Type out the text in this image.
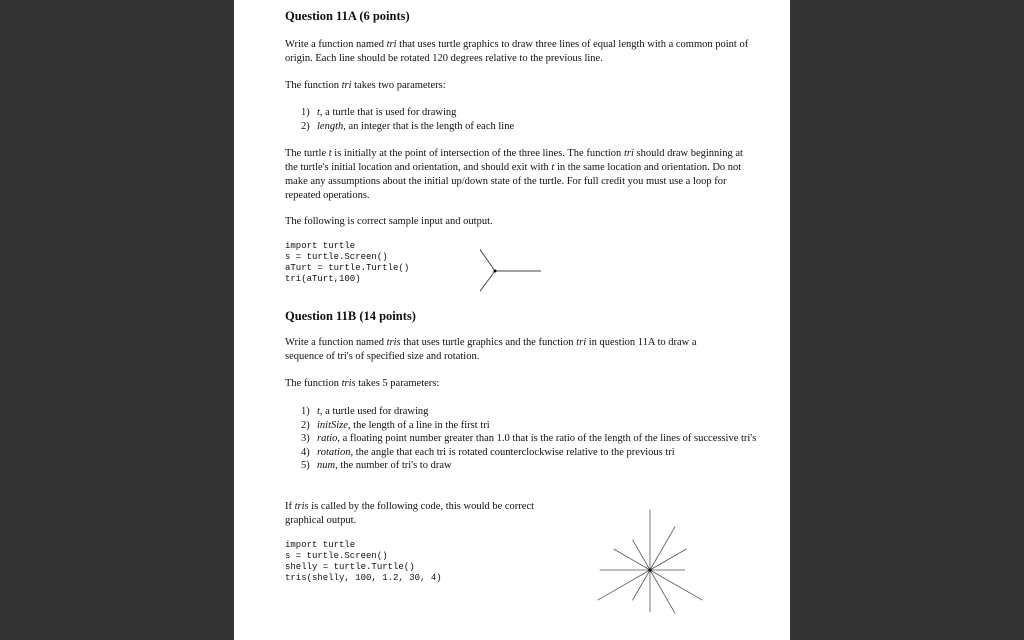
Question 11A (6 points)
Write a function named tri that uses turtle graphics to draw three lines of equal length with a common point of origin. Each line should be rotated 120 degrees relative to the previous line.
The function tri takes two parameters:
1) t, a turtle that is used for drawing
2) length, an integer that is the length of each line
The turtle t is initially at the point of intersection of the three lines. The function tri should draw beginning at the turtle's initial location and orientation, and should exit with t in the same location and orientation. Do not make any assumptions about the initial up/down state of the turtle. For full credit you must use a loop for repeated operations.
The following is correct sample input and output.
import turtle
s = turtle.Screen()
aTurt = turtle.Turtle()
tri(aTurt,100)
Question 11B (14 points)
Write a function named tris that uses turtle graphics and the function tri in question 11A to draw a sequence of tri's of specified size and rotation.
The function tris takes 5 parameters:
1) t, a turtle used for drawing
2) initSize, the length of a line in the first tri
3) ratio, a floating point number greater than 1.0 that is the ratio of the length of the lines of successive tri's
4) rotation, the angle that each tri is rotated counterclockwise relative to the previous tri
5) num, the number of tri's to draw
If tris is called by the following code, this would be correct graphical output.
import turtle
s = turtle.Screen()
shelly = turtle.Turtle()
tris(shelly, 100, 1.2, 30, 4)
